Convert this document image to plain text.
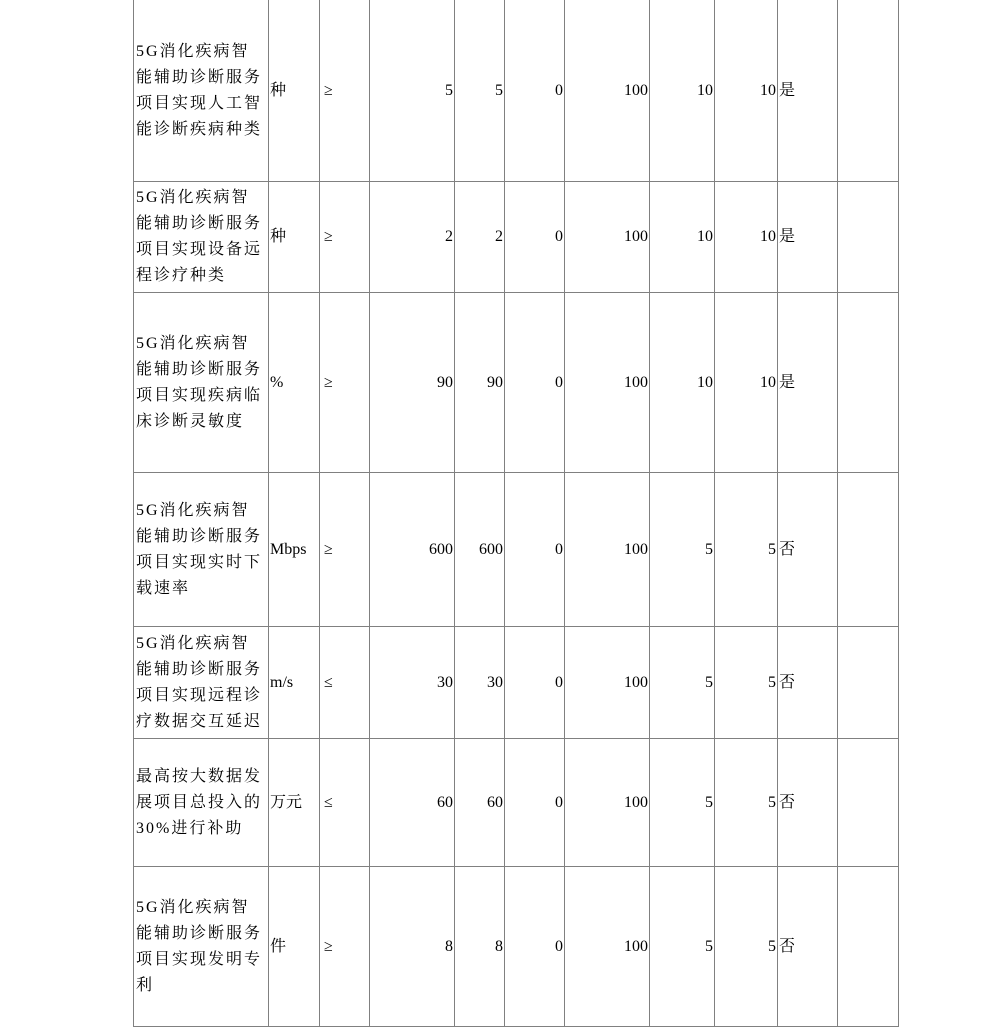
5G消化疾病智能辅助诊断服务项目实现人工智能诊断疾病种类	种	≥	5	5	0	100	10	10	是	
5G消化疾病智能辅助诊断服务项目实现设备远程诊疗种类	种	≥	2	2	0	100	10	10	是	
5G消化疾病智能辅助诊断服务项目实现疾病临床诊断灵敏度	%	≥	90	90	0	100	10	10	是	
5G消化疾病智能辅助诊断服务项目实现实时下载速率	Mbps	≥	600	600	0	100	5	5	否	
5G消化疾病智能辅助诊断服务项目实现远程诊疗数据交互延迟	m/s	≤	30	30	0	100	5	5	否	
最高按大数据发展项目总投入的30%进行补助	万元	≤	60	60	0	100	5	5	否	
5G消化疾病智能辅助诊断服务项目实现发明专利	件	≥	8	8	0	100	5	5	否	
